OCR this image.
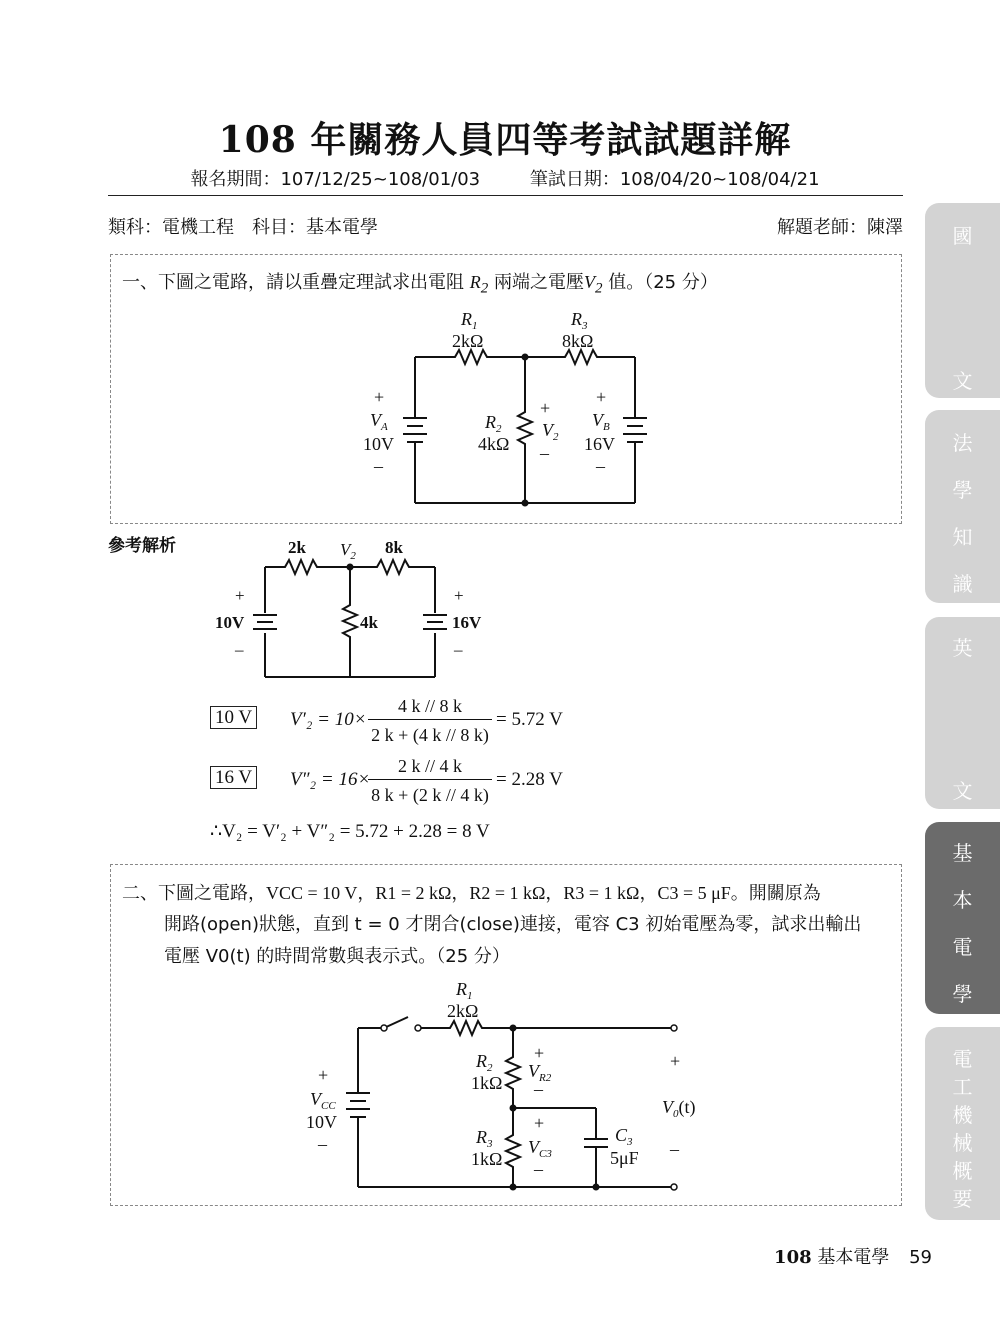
108 年關務人員四等考試試題詳解
報名期間：107/12/25~108/01/03	筆試日期：108/04/20~108/04/21
類科：電機工程　科目：基本電學	解題老師：陳澤
一、下圖之電路，請以重疊定理試求出電阻 $R_2$ 兩端之電壓$V_2$ 值。（25 分）
$R_1$
2kΩ
$R_3$
8kΩ
$R_2$
4kΩ
+
$V_A$
10V
–
+
$V_2$
–
+
$V_B$
16V
–
參考解析	2k	8k
$V_2$
4k
+
10V
–
+
16V
–
10 V V′₂ = 10×
4 k // 8 k
2 k + (4 k // 8 k)
= 5.72 V
16 V V″₂ = 16×
2 k // 4 k
8 k + (2 k // 4 k)
= 2.28 V
∴V₂ = V′₂ + V″₂ = 5.72 + 2.28 = 8 V
二、下圖之電路，VCC = 10 V，R1 = 2 kΩ，R2 = 1 kΩ，R3 = 1 kΩ，C3 = 5 μF。開關原為
開路(open)狀態，直到 t = 0 才閉合(close)連接，電容 C3 初始電壓為零，試求出輸出
電壓 V0(t) 的時間常數與表示式。（25 分）
$R_1$
2kΩ
$R_2$
1kΩ
$R_3$
1kΩ
+
$V_{R2}$
–
+
$V_{C3}$
–
$C_3$
5μF
+
$V_{CC}$
10V
–
+
$V_0(t)$
–
國
文
法
學
知
識
英
文
基
本
電
學
電
工
機
械
概
要
108 基本電學 59
